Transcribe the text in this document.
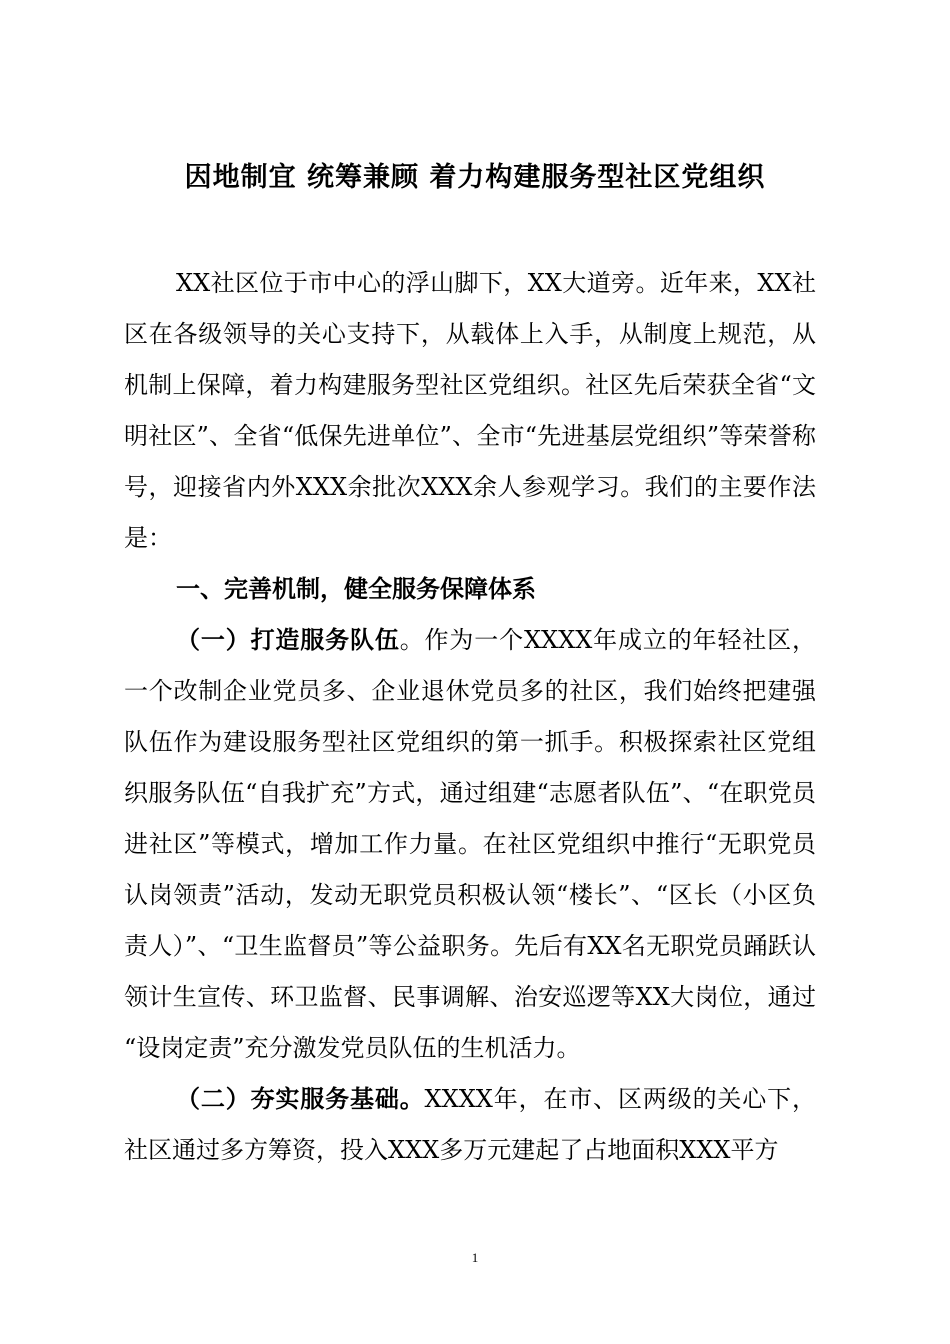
因地制宜 统筹兼顾 着力构建服务型社区党组织

XX社区位于市中心的浮山脚下，XX大道旁。近年来，XX社区在各级领导的关心支持下，从载体上入手，从制度上规范，从机制上保障，着力构建服务型社区党组织。社区先后荣获全省“文明社区”、全省“低保先进单位”、全市“先进基层党组织”等荣誉称号，迎接省内外XXX余批次XXX余人参观学习。我们的主要作法是：

一、完善机制，健全服务保障体系

（一）打造服务队伍。作为一个XXXX年成立的年轻社区，一个改制企业党员多、企业退休党员多的社区，我们始终把建强队伍作为建设服务型社区党组织的第一抓手。积极探索社区党组织服务队伍“自我扩充”方式，通过组建“志愿者队伍”、“在职党员进社区”等模式，增加工作力量。在社区党组织中推行“无职党员认岗领责”活动，发动无职党员积极认领“楼长”、“区长（小区负责人）”、“卫生监督员”等公益职务。先后有XX名无职党员踊跃认领计生宣传、环卫监督、民事调解、治安巡逻等XX大岗位，通过 “设岗定责”充分激发党员队伍的生机活力。

（二）夯实服务基础。XXXX年，在市、区两级的关心下，社区通过多方筹资，投入XXX多万元建起了占地面积XXX平方

1
